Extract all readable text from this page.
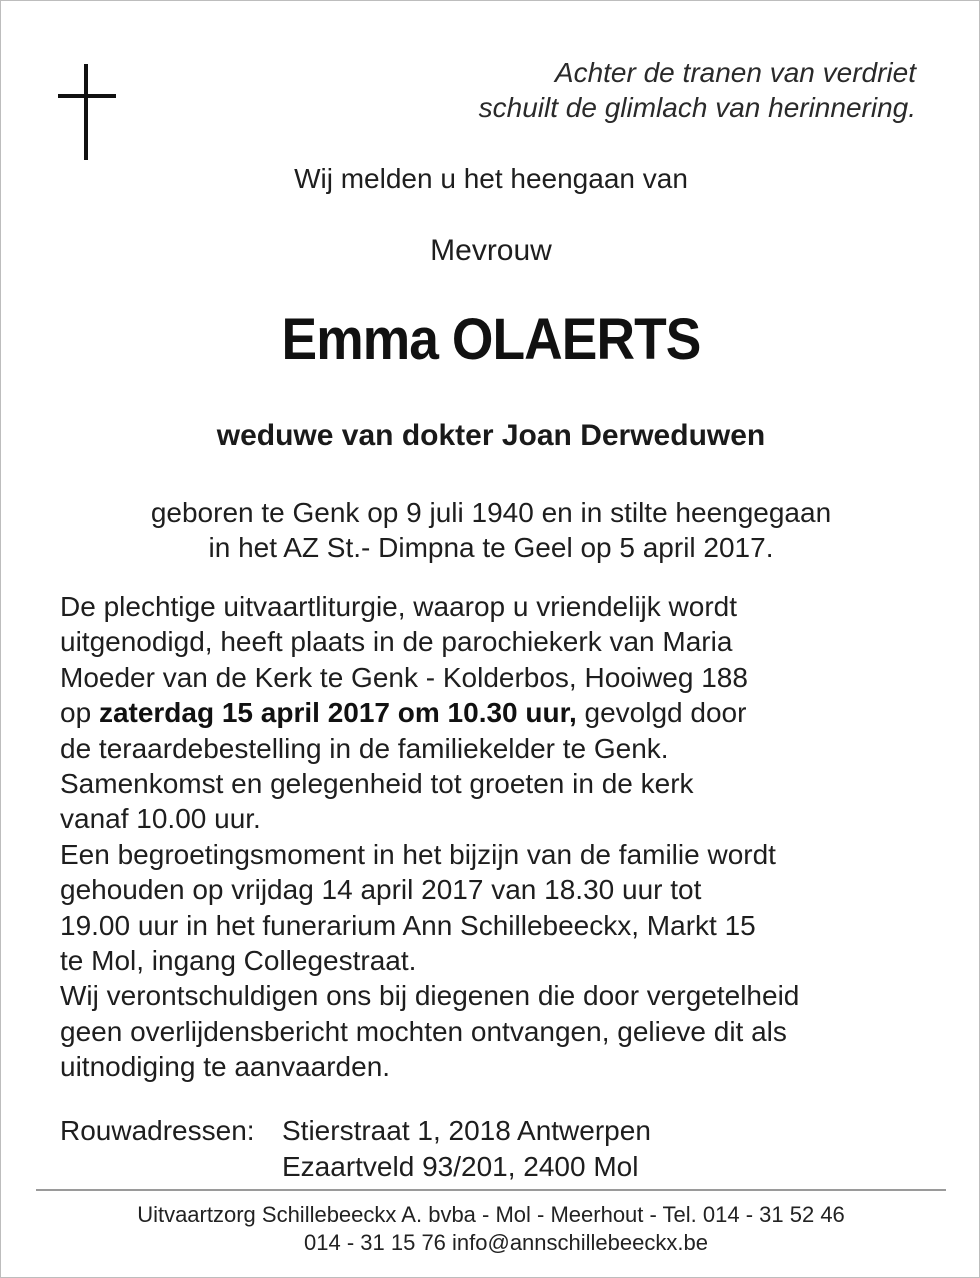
Achter de tranen van verdriet
schuilt de glimlach van herinnering.
Wij melden u het heengaan van
Mevrouw
Emma OLAERTS
weduwe van dokter Joan Derweduwen
geboren te Genk op 9 juli 1940 en in stilte heengegaan
in het AZ St.- Dimpna te Geel op 5 april 2017.
De plechtige uitvaartliturgie, waarop u vriendelijk wordt
uitgenodigd, heeft plaats in de parochiekerk van Maria
Moeder van de Kerk te Genk - Kolderbos, Hooiweg 188
op zaterdag 15 april 2017 om 10.30 uur, gevolgd door
de teraardebestelling in de familiekelder te Genk.
Samenkomst en gelegenheid tot groeten in de kerk
vanaf 10.00 uur.
Een begroetingsmoment in het bijzijn van de familie wordt
gehouden op vrijdag 14 april 2017 van 18.30 uur tot
19.00 uur in het funerarium Ann Schillebeeckx, Markt 15
te Mol, ingang Collegestraat.
Wij verontschuldigen ons bij diegenen die door vergetelheid
geen overlijdensbericht mochten ontvangen, gelieve dit als
uitnodiging te aanvaarden.
Rouwadressen: Stierstraat 1, 2018 Antwerpen
Ezaartveld 93/201, 2400 Mol
Uitvaartzorg Schillebeeckx A. bvba - Mol - Meerhout - Tel. 014 - 31 52 46
014 - 31 15 76 info@annschillebeeckx.be
